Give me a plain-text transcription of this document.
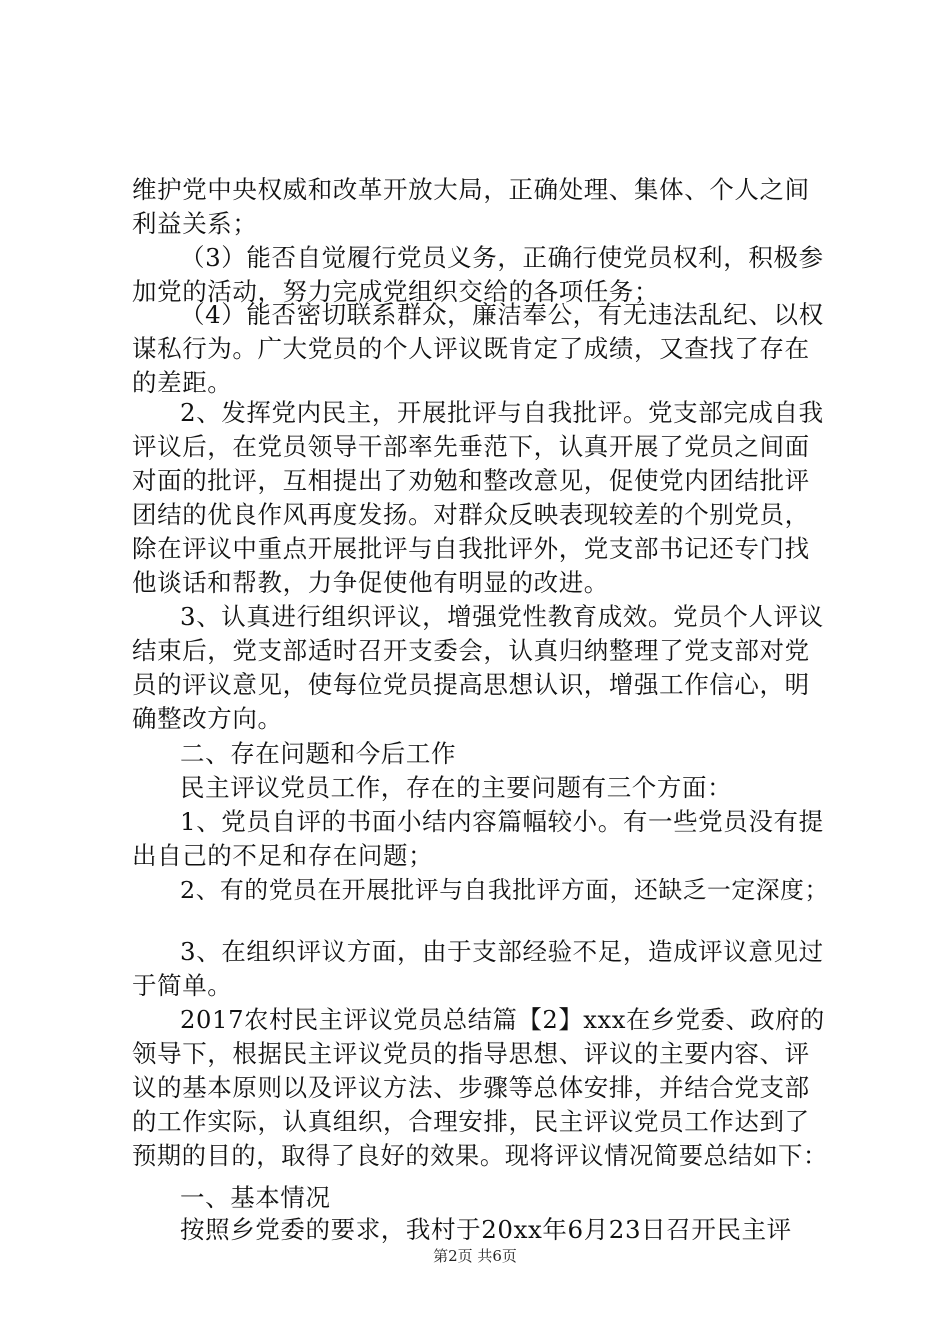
维护党中央权威和改革开放大局，正确处理、集体、个人之间
利益关系；
（3）能否自觉履行党员义务，正确行使党员权利，积极参
加党的活动，努力完成党组织交给的各项任务；
（4）能否密切联系群众，廉洁奉公，有无违法乱纪、以权
谋私行为。广大党员的个人评议既肯定了成绩，又查找了存在
的差距。
2、发挥党内民主，开展批评与自我批评。党支部完成自我
评议后，在党员领导干部率先垂范下，认真开展了党员之间面
对面的批评，互相提出了劝勉和整改意见，促使党内团结批评
团结的优良作风再度发扬。对群众反映表现较差的个别党员，
除在评议中重点开展批评与自我批评外，党支部书记还专门找
他谈话和帮教，力争促使他有明显的改进。
3、认真进行组织评议，增强党性教育成效。党员个人评议
结束后，党支部适时召开支委会，认真归纳整理了党支部对党
员的评议意见，使每位党员提高思想认识，增强工作信心，明
确整改方向。
二、存在问题和今后工作
民主评议党员工作，存在的主要问题有三个方面：
1、党员自评的书面小结内容篇幅较小。有一些党员没有提
出自己的不足和存在问题；
2、有的党员在开展批评与自我批评方面，还缺乏一定深度；
3、在组织评议方面，由于支部经验不足，造成评议意见过
于简单。
2017农村民主评议党员总结篇【2】xxx在乡党委、政府的
领导下，根据民主评议党员的指导思想、评议的主要内容、评
议的基本原则以及评议方法、步骤等总体安排，并结合党支部
的工作实际，认真组织，合理安排，民主评议党员工作达到了
预期的目的，取得了良好的效果。现将评议情况简要总结如下：
一、基本情况
按照乡党委的要求，我村于20xx年6月23日召开民主评
第2页 共6页
